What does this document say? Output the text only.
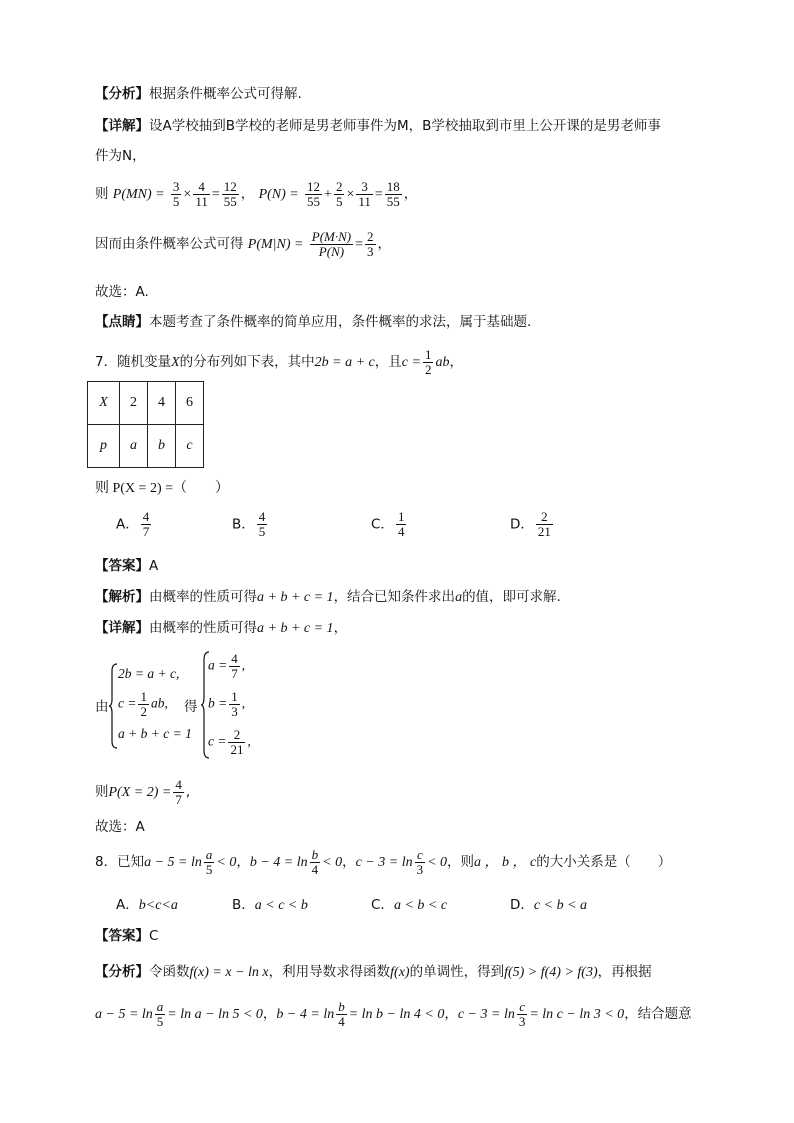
【分析】根据条件概率公式可得解.
【详解】设A学校抽到B学校的老师是男老师事件为M，B学校抽取到市里上公开课的是男老师事
件为N，
则 $P(MN) = \frac{3}{5} \times \frac{4}{11} = \frac{12}{55}$ ， $P(N) = \frac{12}{55} + \frac{2}{5} \times \frac{3}{11} = \frac{18}{55}$ ，
因而由条件概率公式可得 $P(M|N) = \frac{P(M\cdot N)}{P(N)} = \frac{2}{3}$ ，
故选：A.
【点睛】本题考查了条件概率的简单应用，条件概率的求法，属于基础题.
7．随机变量X的分布列如下表，其中2b = a + c，且$c = \frac{1}{2}$ ab，
X	2	4	6
p	a	b	c
则 P(X = 2) =（　　）
A． $\frac{4}{7}$	B． $\frac{4}{5}$	C． $\frac{1}{4}$	D． $\frac{2}{21}$
【答案】A
【解析】由概率的性质可得a + b + c = 1，结合已知条件求出a的值，即可求解.
【详解】由概率的性质可得a + b + c = 1，
由
2b = a + c,
$c = \frac{1}{2}$ ab,
a + b + c = 1
得
$a = \frac{4}{7}$ ,
$b = \frac{1}{3}$ ,
$c = \frac{2}{21}$ ,
则$P(X = 2) = \frac{4}{7}$ ,
故选：A
8．已知$a - 5 = \ln \frac{a}{5} < 0$，$b - 4 = \ln \frac{b}{4} < 0$，$c - 3 = \ln \frac{c}{3} < 0$，则a ， b ， c的大小关系是（　　）
A．b<c<a	B．a < c < b	C．a < b < c	D．c < b < a
【答案】C
【分析】令函数f(x) = x − ln x，利用导数求得函数f(x)的单调性，得到f(5) > f(4) > f(3)，再根据
$a - 5 = \ln \frac{a}{5} = \ln a - \ln 5 < 0$，$b - 4 = \ln \frac{b}{4} = \ln b - \ln 4 < 0$，$c - 3 = \ln \frac{c}{3} = \ln c - \ln 3 < 0$，结合题意
